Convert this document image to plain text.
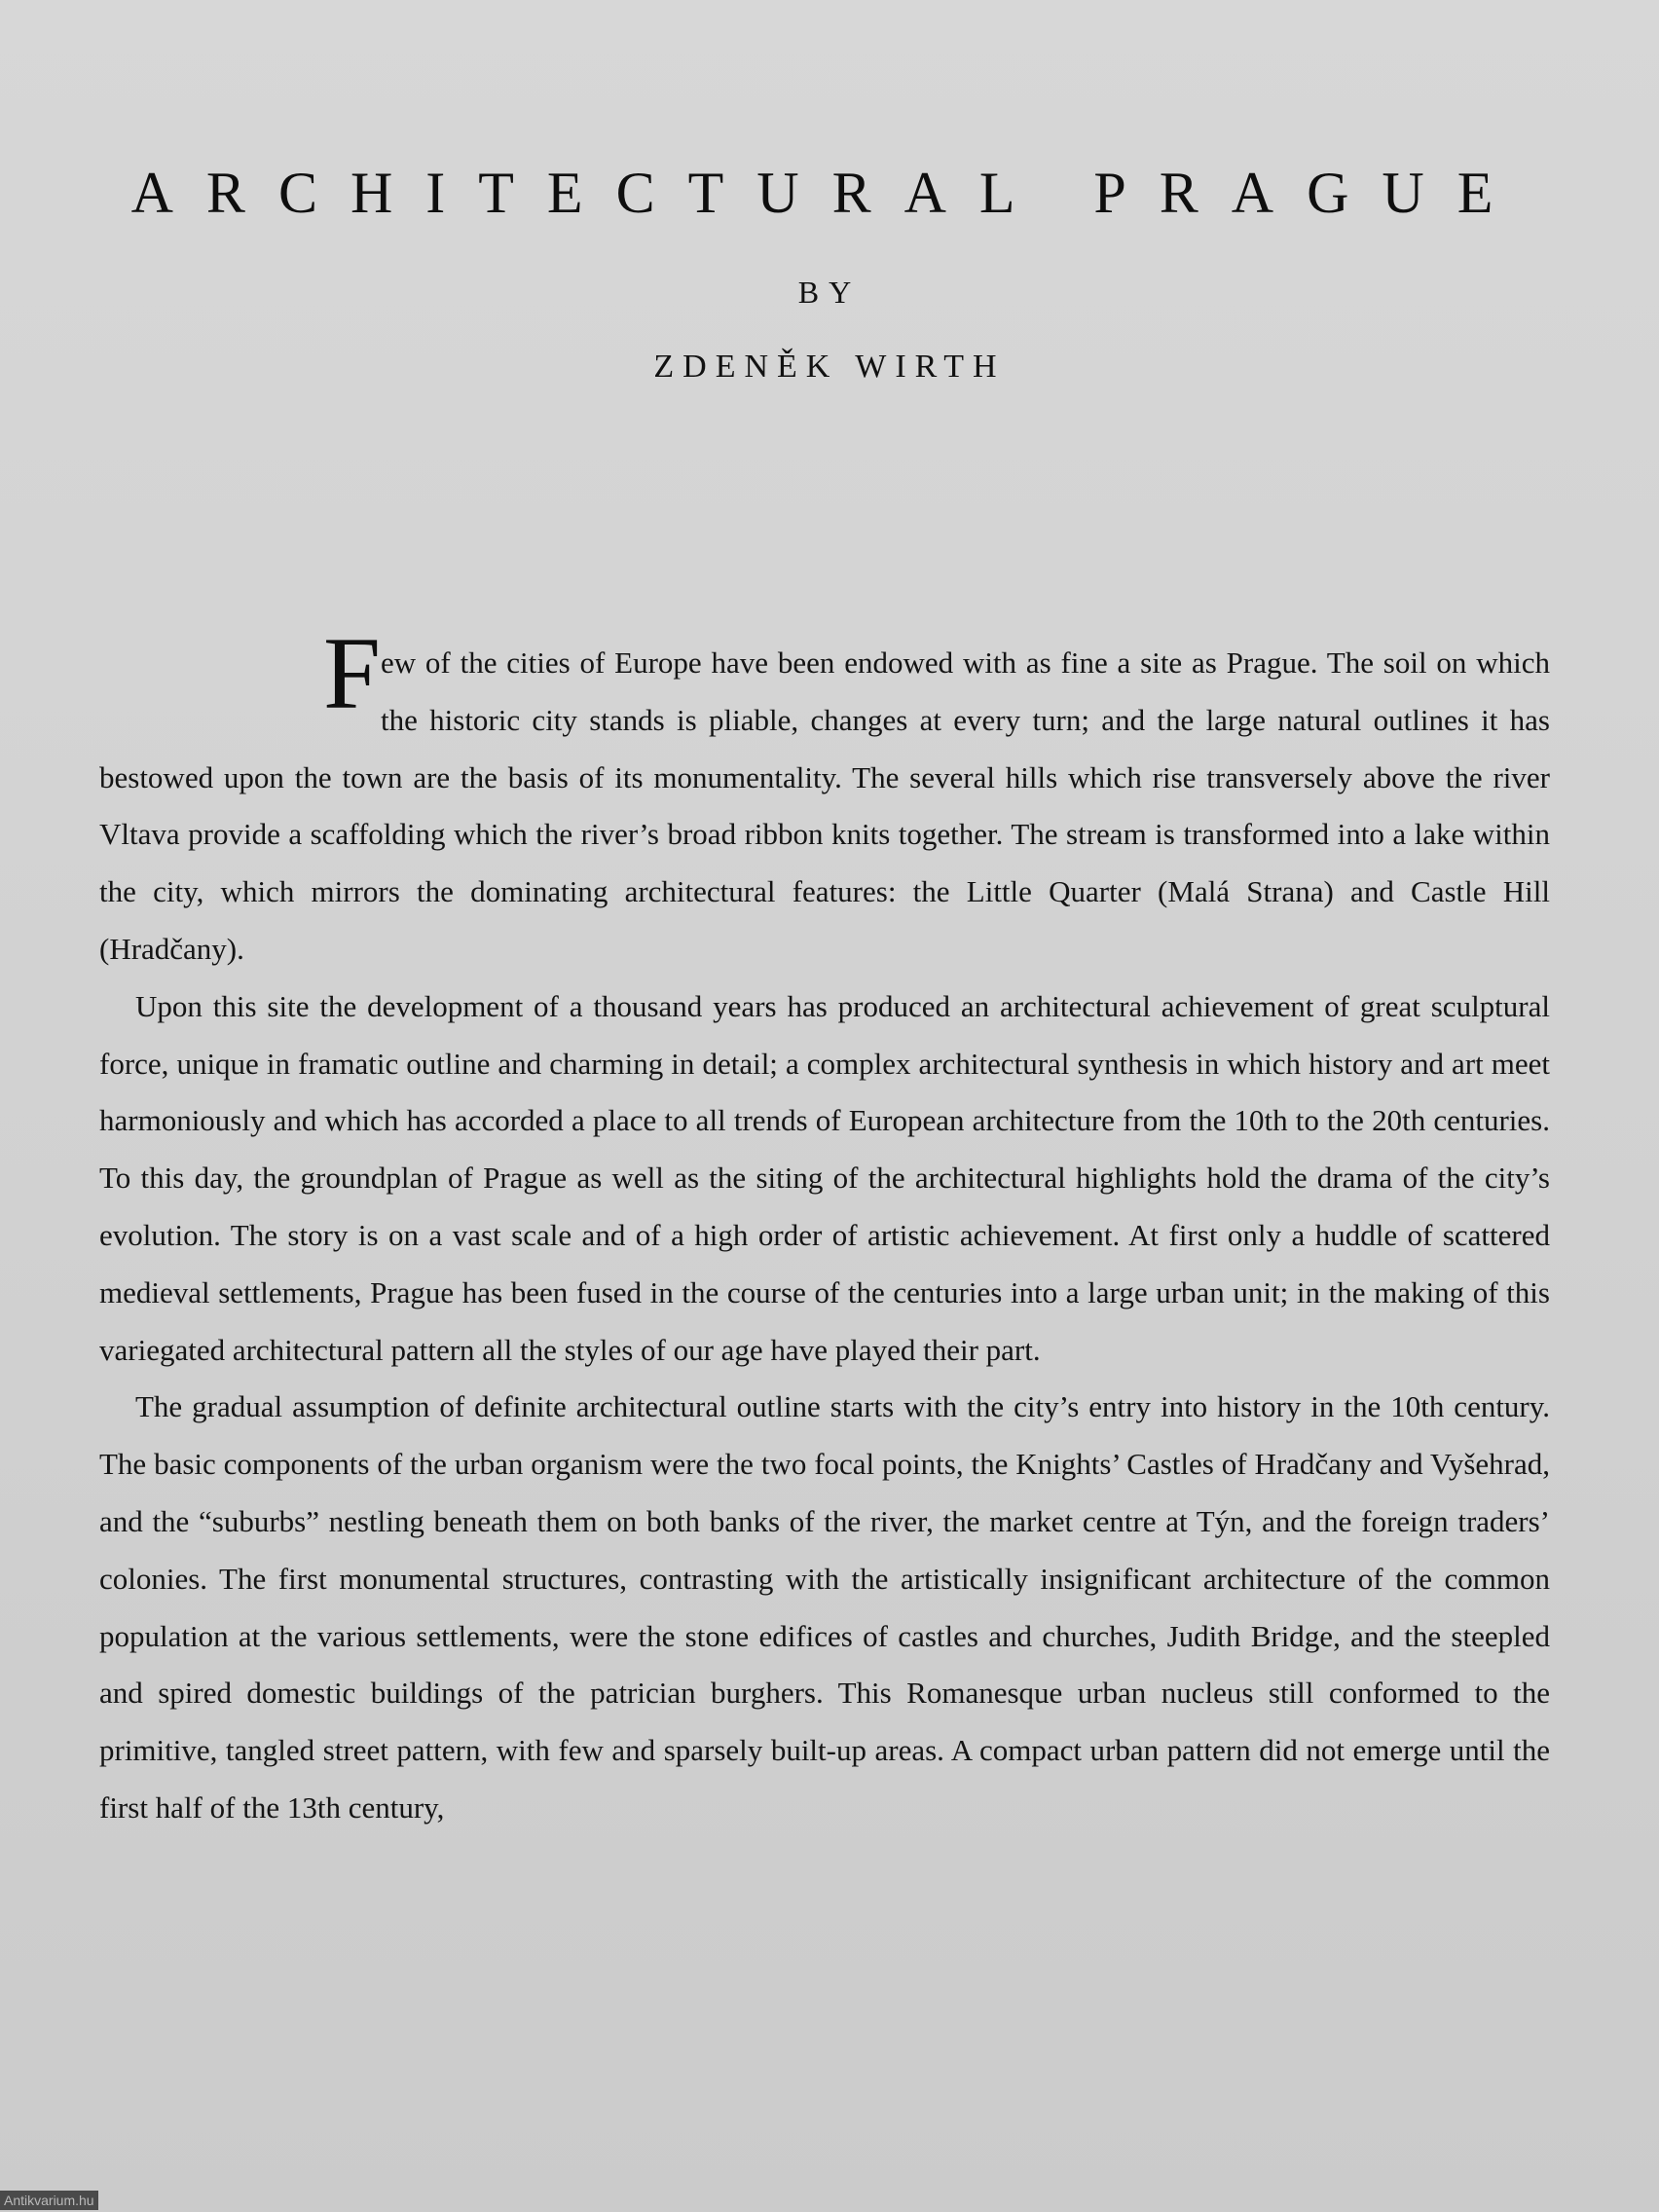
ARCHITECTURAL PRAGUE
BY
ZDENĚK WIRTH

Few of the cities of Europe have been endowed with as fine a site as Prague. The soil on which the historic city stands is pliable, changes at every turn; and the large natural outlines it has bestowed upon the town are the basis of its monumentality. The several hills which rise transversely above the river Vltava provide a scaffolding which the river’s broad ribbon knits together. The stream is transformed into a lake within the city, which mirrors the dominating architectural features: the Little Quarter (Malá Strana) and Castle Hill (Hradčany).

Upon this site the development of a thousand years has produced an architectural achievement of great sculptural force, unique in framatic outline and charming in detail; a complex architectural synthesis in which history and art meet harmoniously and which has accorded a place to all trends of European architecture from the 10th to the 20th centuries. To this day, the groundplan of Prague as well as the siting of the architectural highlights hold the drama of the city’s evolution. The story is on a vast scale and of a high order of artistic achievement. At first only a huddle of scattered medieval settlements, Prague has been fused in the course of the centuries into a large urban unit; in the making of this variegated architectural pattern all the styles of our age have played their part.

The gradual assumption of definite architectural outline starts with the city’s entry into history in the 10th century. The basic components of the urban organism were the two focal points, the Knights’ Castles of Hradčany and Vyšehrad, and the “suburbs” nestling beneath them on both banks of the river, the market centre at Týn, and the foreign traders’ colonies. The first monumental structures, contrasting with the artistically insignificant architecture of the common population at the various settlements, were the stone edifices of castles and churches, Judith Bridge, and the steepled and spired domestic buildings of the patrician burghers. This Romanesque urban nucleus still conformed to the primitive, tangled street pattern, with few and sparsely built-up areas. A compact urban pattern did not emerge until the first half of the 13th century,

Antikvarium.hu
